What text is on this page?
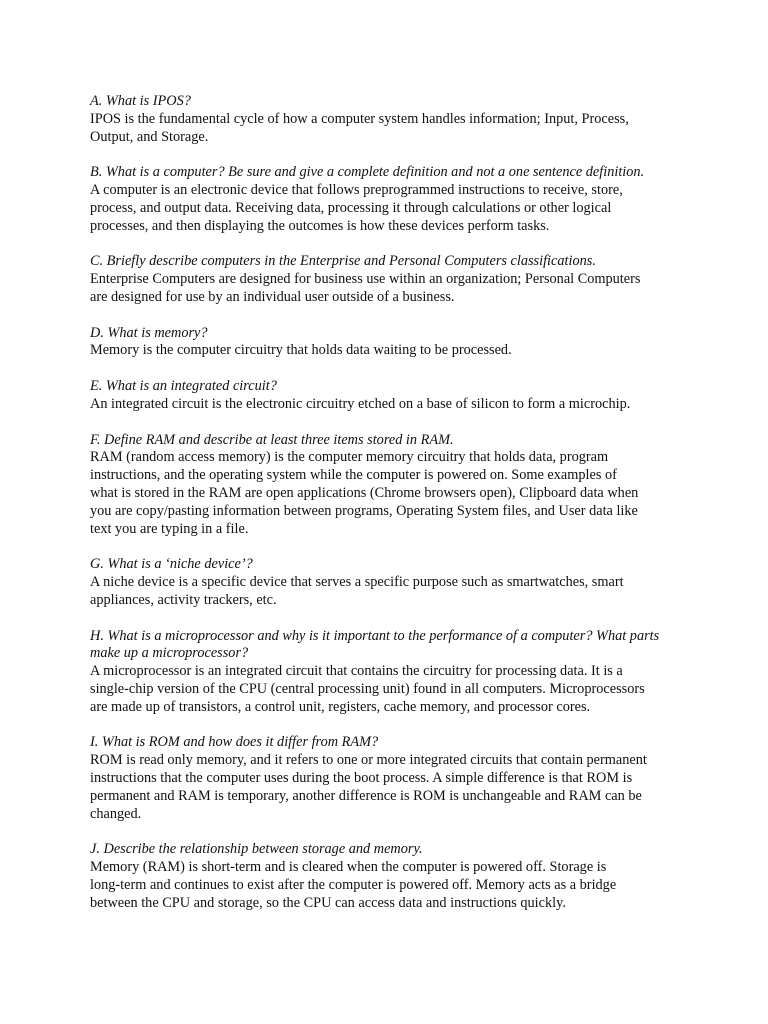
A. What is IPOS?

IPOS is the fundamental cycle of how a computer system handles information; Input, Process,
Output, and Storage.

B. What is a computer? Be sure and give a complete definition and not a one sentence definition.

A computer is an electronic device that follows preprogrammed instructions to receive, store,
process, and output data. Receiving data, processing it through calculations or other logical
processes, and then displaying the outcomes is how these devices perform tasks.

C. Briefly describe computers in the Enterprise and Personal Computers classifications.

Enterprise Computers are designed for business use within an organization; Personal Computers
are designed for use by an individual user outside of a business.

D. What is memory?

Memory is the computer circuitry that holds data waiting to be processed.

E. What is an integrated circuit?

An integrated circuit is the electronic circuitry etched on a base of silicon to form a microchip.

F. Define RAM and describe at least three items stored in RAM.

RAM (random access memory) is the computer memory circuitry that holds data, program
instructions, and the operating system while the computer is powered on. Some examples of
what is stored in the RAM are open applications (Chrome browsers open), Clipboard data when
you are copy/pasting information between programs, Operating System files, and User data like
text you are typing in a file.

G. What is a ‘niche device’?

A niche device is a specific device that serves a specific purpose such as smartwatches, smart
appliances, activity trackers, etc.

H. What is a microprocessor and why is it important to the performance of a computer? What parts make up a microprocessor?

A microprocessor is an integrated circuit that contains the circuitry for processing data. It is a
single-chip version of the CPU (central processing unit) found in all computers. Microprocessors
are made up of transistors, a control unit, registers, cache memory, and processor cores.

I. What is ROM and how does it differ from RAM?

ROM is read only memory, and it refers to one or more integrated circuits that contain permanent
instructions that the computer uses during the boot process. A simple difference is that ROM is
permanent and RAM is temporary, another difference is ROM is unchangeable and RAM can be
changed.

J. Describe the relationship between storage and memory.

Memory (RAM) is short-term and is cleared when the computer is powered off. Storage is
long-term and continues to exist after the computer is powered off. Memory acts as a bridge
between the CPU and storage, so the CPU can access data and instructions quickly.
